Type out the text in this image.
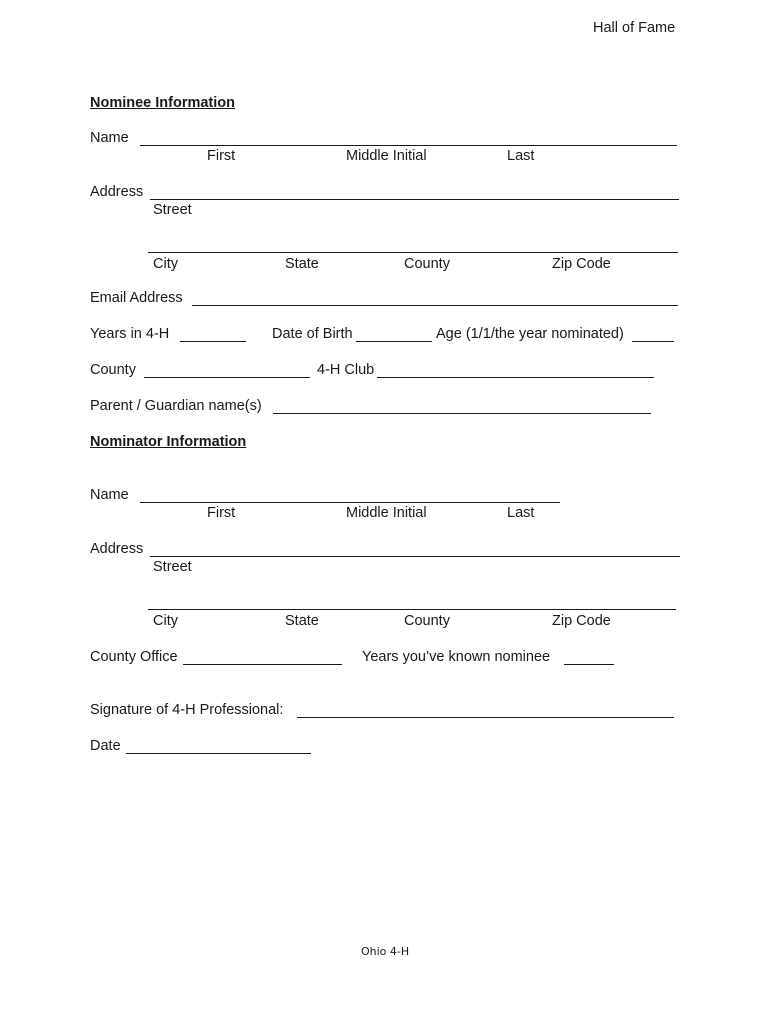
Hall of Fame
Nominee Information
Name
First	Middle Initial	Last
Address
Street
City	State	County	Zip Code
Email Address
Years in 4-H	Date of Birth	Age (1/1/the year nominated)
County	4-H Club
Parent / Guardian name(s)
Nominator Information
Name
First	Middle Initial	Last
Address
Street
City	State	County	Zip Code
County Office	Years you’ve known nominee
Signature of 4-H Professional:
Date
Ohio 4-H
